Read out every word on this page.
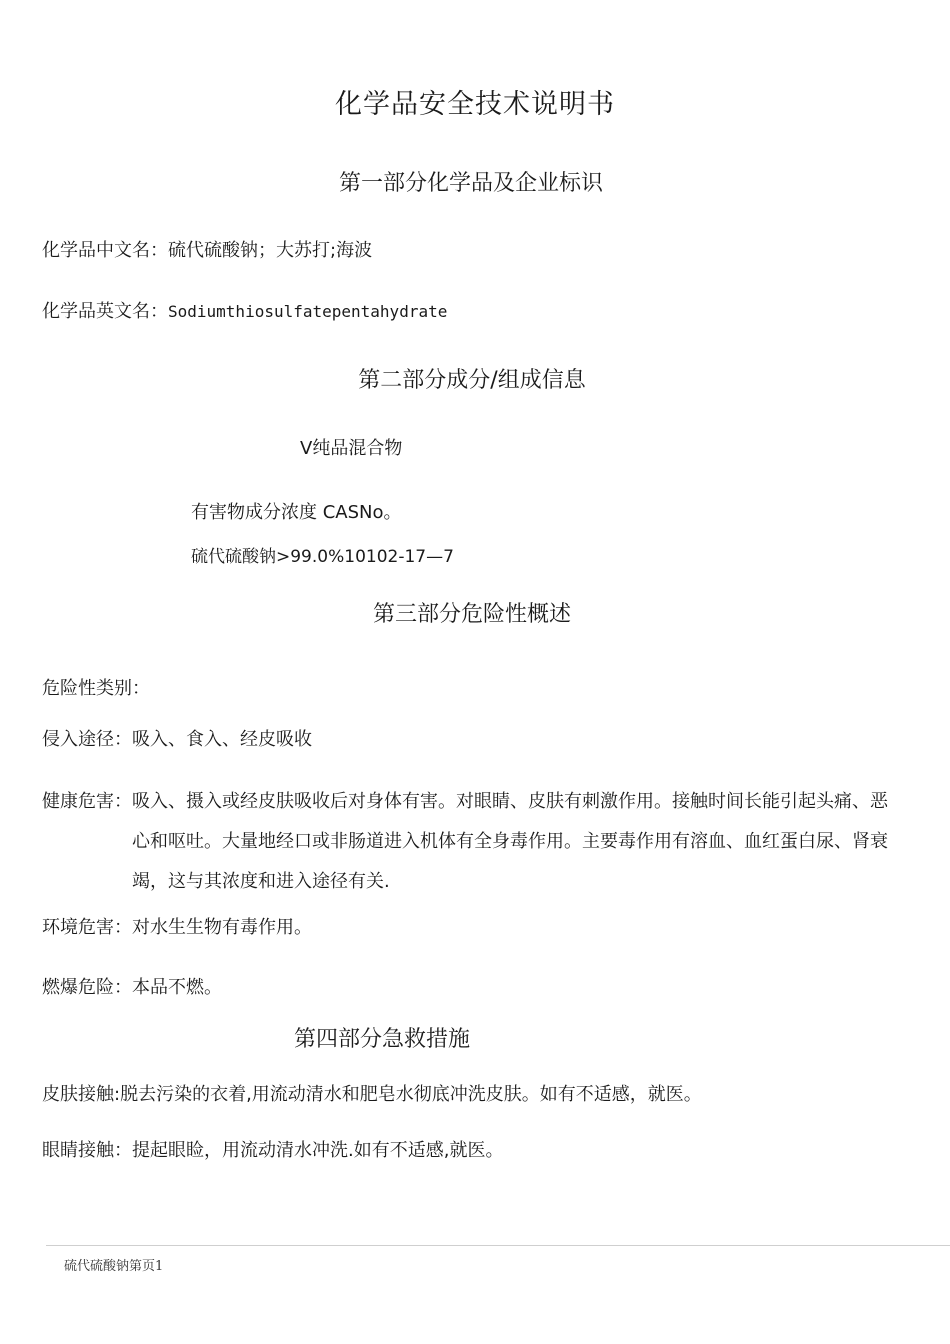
化学品安全技术说明书
第一部分化学品及企业标识
化学品中文名：硫代硫酸钠；大苏打;海波
化学品英文名：Sodiumthiosulfatepentahydrate
第二部分成分/组成信息
V纯品混合物
有害物成分浓度 CASNo。
硫代硫酸钠>99.0%10102-17—7
第三部分危险性概述
危险性类别：
侵入途径：吸入、食入、经皮吸收
健康危害：吸入、摄入或经皮肤吸收后对身体有害。对眼睛、皮肤有刺激作用。接触时间长能引起头痛、恶心和呕吐。大量地经口或非肠道进入机体有全身毒作用。主要毒作用有溶血、血红蛋白尿、肾衰竭，这与其浓度和进入途径有关.
环境危害：对水生生物有毒作用。
燃爆危险：本品不燃。
第四部分急救措施
皮肤接触:脱去污染的衣着,用流动清水和肥皂水彻底冲洗皮肤。如有不适感，就医。
眼睛接触：提起眼睑，用流动清水冲洗.如有不适感,就医。
硫代硫酸钠第页1
